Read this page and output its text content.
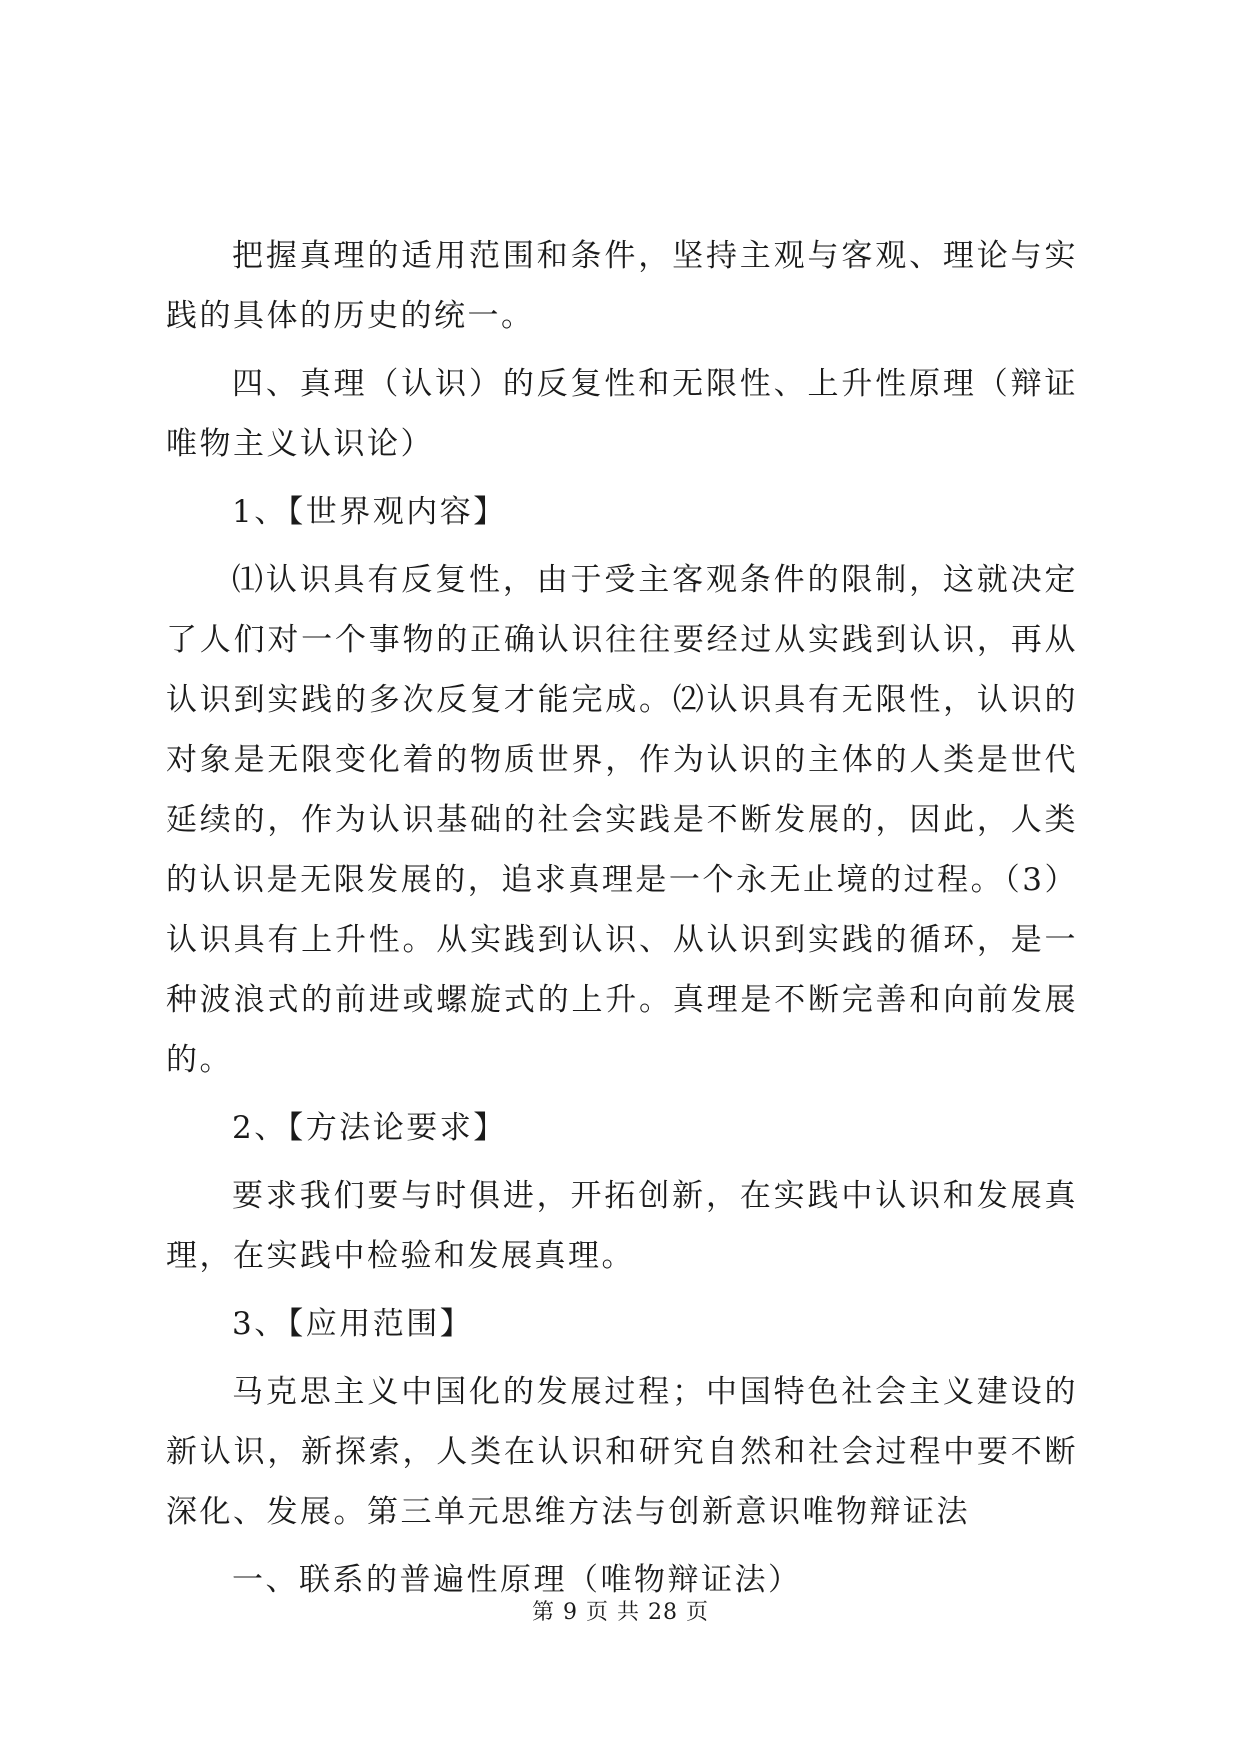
把握真理的适用范围和条件，坚持主观与客观、理论与实践的具体的历史的统一。

四、真理（认识）的反复性和无限性、上升性原理（辩证唯物主义认识论）

1、【世界观内容】

⑴认识具有反复性，由于受主客观条件的限制，这就决定了人们对一个事物的正确认识往往要经过从实践到认识，再从认识到实践的多次反复才能完成。⑵认识具有无限性，认识的对象是无限变化着的物质世界，作为认识的主体的人类是世代延续的，作为认识基础的社会实践是不断发展的，因此，人类的认识是无限发展的，追求真理是一个永无止境的过程。（3）认识具有上升性。从实践到认识、从认识到实践的循环，是一种波浪式的前进或螺旋式的上升。真理是不断完善和向前发展的。

2、【方法论要求】

要求我们要与时俱进，开拓创新，在实践中认识和发展真理，在实践中检验和发展真理。

3、【应用范围】

马克思主义中国化的发展过程；中国特色社会主义建设的新认识，新探索，人类在认识和研究自然和社会过程中要不断深化、发展。第三单元思维方法与创新意识唯物辩证法

一、联系的普遍性原理（唯物辩证法）

第 9 页 共 28 页
